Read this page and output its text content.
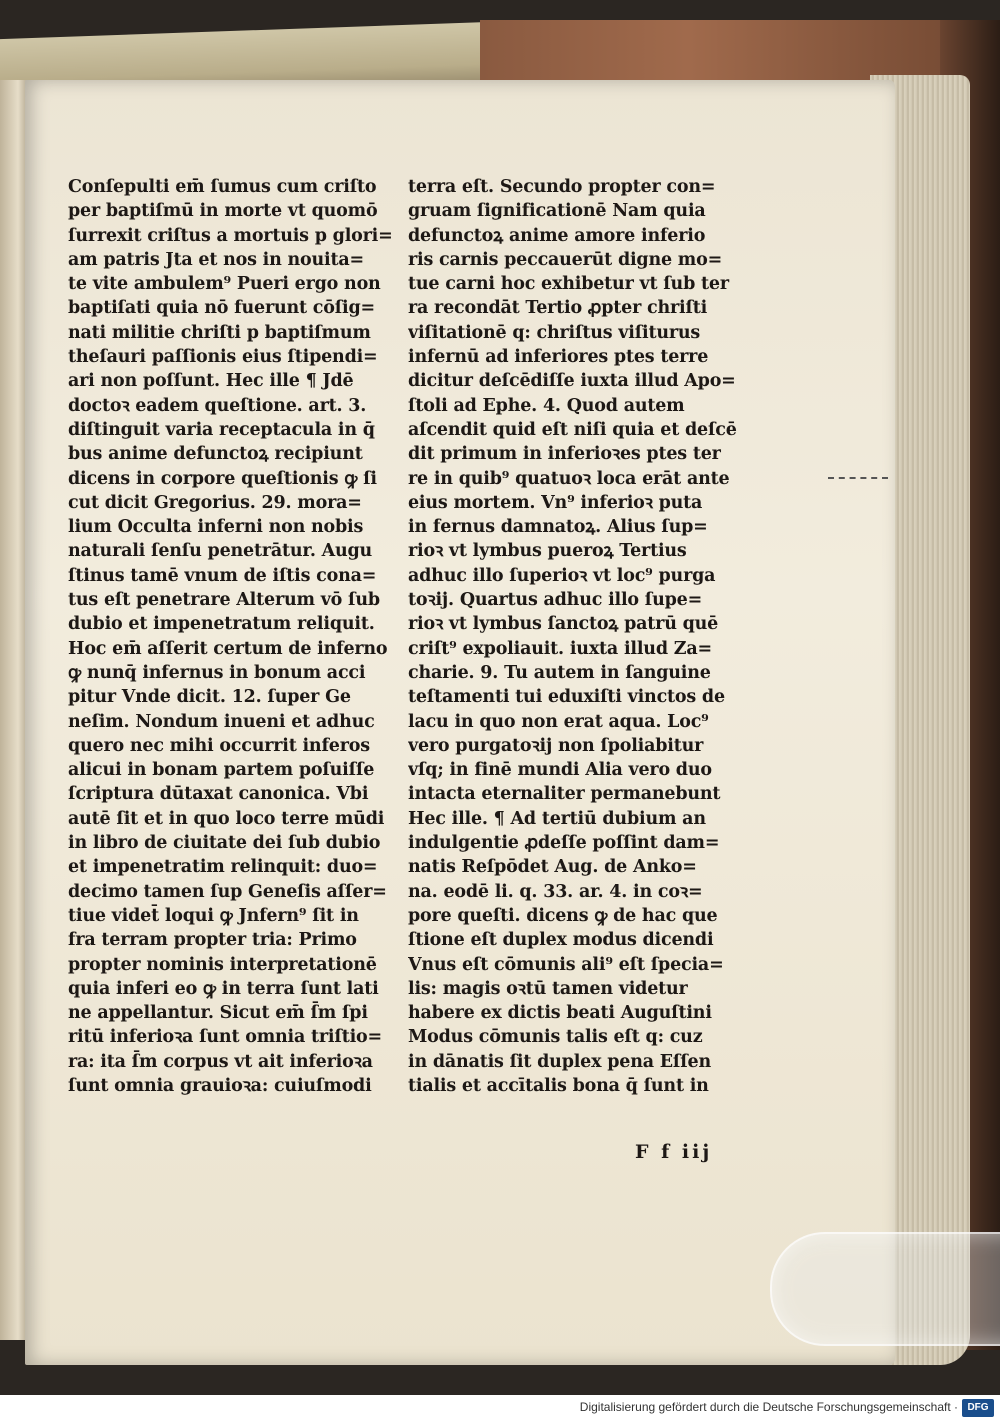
Conſepulti em̄ ſumus cum criſto
per baptiſmū in morte vt quomō
ſurrexit criſtus a mortuis p glori=
am patris Jta et nos in nouita=
te vite ambulem⁹ Pueri ergo non
baptiſati quia nō fuerunt cōſig=
nati militie chriſti p baptiſmum
theſauri paſſionis eius ſtipendi=
ari non poſſunt. Hec ille ¶ Jdē
doctoꝛ eadem queſtione. art. 3.
diſtinguit varia receptacula in q̄
bus anime defunctoꝝ recipiunt
dicens in corpore queſtionis ꝙ ſi
cut dicit Gregorius. 29. mora=
lium Occulta inferni non nobis
naturali ſenſu penetrātur. Augu
ſtinus tamē vnum de iſtis cona=
tus eſt penetrare Alterum vō ſub
dubio et impenetratum reliquit.
Hoc em̄ aſſerit certum de inferno
ꝙ nunq̄ infernus in bonum acci
pitur Vnde dicit. 12. ſuper Ge
neſim. Nondum inueni et adhuc
quero nec mihi occurrit inferos
alicui in bonam partem poſuiſſe
ſcriptura dūtaxat canonica. Vbi
autē ſit et in quo loco terre mūdi
in libro de ciuitate dei ſub dubio
et impenetratim relinquit: duo=
decimo tamen ſup Geneſis aſſer=
tiue videt̄ loqui ꝙ Jnfern⁹ ſit in
fra terram propter tria: Primo
propter nominis interpretationē
quia inferi eo ꝙ in terra ſunt lati
ne appellantur. Sicut em̄ ſ̄m ſpi
ritū inferioꝛa ſunt omnia triſtio=
ra: ita ſ̄m corpus vt ait inferioꝛa
ſunt omnia grauioꝛa: cuiuſmodi
terra eſt. Secundo propter con=
gruam ſignificationē Nam quia
defunctoꝝ anime amore inferio
ris carnis peccauerūt digne mo=
tue carni hoc exhibetur vt ſub ter
ra recondāt Tertio ꝓpter chriſti
viſitationē q: chriſtus viſiturus
infernū ad inferiores ptes terre
dicitur deſcēdiſſe iuxta illud Apo=
ſtoli ad Ephe. 4. Quod autem
aſcendit quid eſt niſi quia et deſcē
dit primum in inferioꝛes ptes ter
re in quib⁹ quatuoꝛ loca erāt ante
eius mortem. Vn⁹ inferioꝛ puta
in fernus damnatoꝝ. Alius ſup=
rioꝛ vt lymbus pueroꝝ Tertius
adhuc illo ſuperioꝛ vt loc⁹ purga
toꝛij. Quartus adhuc illo ſupe=
rioꝛ vt lymbus ſanctoꝝ patrū quē
criſt⁹ expoliauit. iuxta illud Za=
charie. 9. Tu autem in ſanguine
teſtamenti tui eduxiſti vinctos de
lacu in quo non erat aqua. Loc⁹
vero purgatoꝛij non ſpoliabitur
vſq; in finē mundi Alia vero duo
intacta eternaliter permanebunt
Hec ille. ¶ Ad tertiū dubium an
indulgentie ꝓdeſſe poſſint dam=
natis Reſpōdet Aug. de Anko=
na. eodē li. q. 33. ar. 4. in coꝛ=
pore queſti. dicens ꝙ de hac que
ſtione eſt duplex modus dicendi
Vnus eſt cōmunis ali⁹ eſt ſpecia=
lis: magis oꝛtū tamen videtur
habere ex dictis beati Auguſtini
Modus cōmunis talis eſt q: cuz
in dānatis ſit duplex pena Eſſen
tialis et accītalis bona q̄ ſunt in
F f iij
Digitalisierung gefördert durch die Deutsche Forschungsgemeinschaft · DFG
